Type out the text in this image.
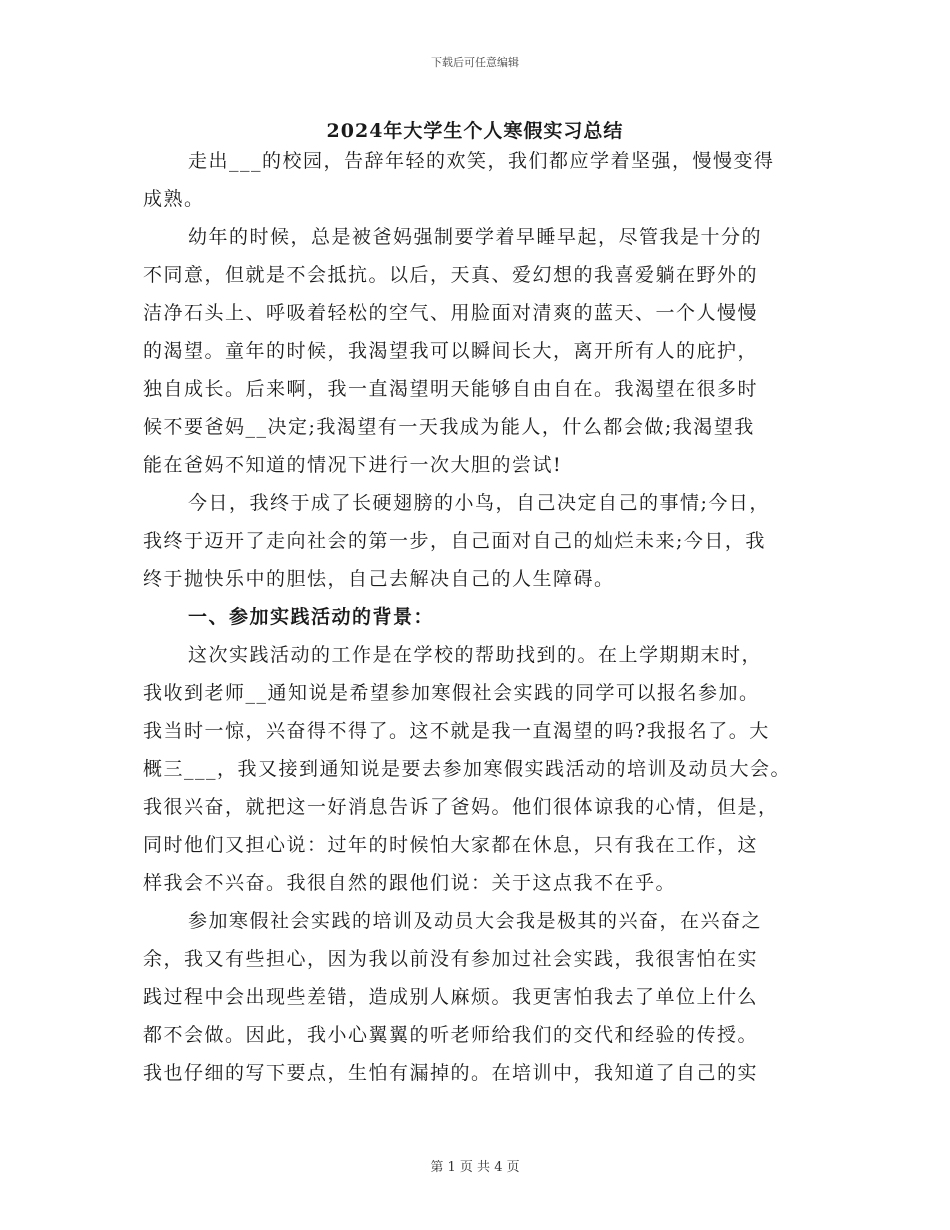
下载后可任意编辑
2024年大学生个人寒假实习总结
走出___的校园，告辞年轻的欢笑，我们都应学着坚强，慢慢变得
成熟。
幼年的时候，总是被爸妈强制要学着早睡早起，尽管我是十分的
不同意，但就是不会抵抗。以后，天真、爱幻想的我喜爱躺在野外的
洁净石头上、呼吸着轻松的空气、用脸面对清爽的蓝天、一个人慢慢
的渴望。童年的时候，我渴望我可以瞬间长大，离开所有人的庇护，
独自成长。后来啊，我一直渴望明天能够自由自在。我渴望在很多时
候不要爸妈__决定;我渴望有一天我成为能人，什么都会做;我渴望我
能在爸妈不知道的情况下进行一次大胆的尝试!
今日，我终于成了长硬翅膀的小鸟，自己决定自己的事情;今日，
我终于迈开了走向社会的第一步，自己面对自己的灿烂未来;今日，我
终于抛快乐中的胆怯，自己去解决自己的人生障碍。
一、参加实践活动的背景：
这次实践活动的工作是在学校的帮助找到的。在上学期期末时，
我收到老师__通知说是希望参加寒假社会实践的同学可以报名参加。
我当时一惊，兴奋得不得了。这不就是我一直渴望的吗?我报名了。大
概三___，我又接到通知说是要去参加寒假实践活动的培训及动员大会。
我很兴奋，就把这一好消息告诉了爸妈。他们很体谅我的心情，但是，
同时他们又担心说：过年的时候怕大家都在休息，只有我在工作，这
样我会不兴奋。我很自然的跟他们说：关于这点我不在乎。
参加寒假社会实践的培训及动员大会我是极其的兴奋，在兴奋之
余，我又有些担心，因为我以前没有参加过社会实践，我很害怕在实
践过程中会出现些差错，造成别人麻烦。我更害怕我去了单位上什么
都不会做。因此，我小心翼翼的听老师给我们的交代和经验的传授。
我也仔细的写下要点，生怕有漏掉的。在培训中，我知道了自己的实
第 1 页 共 4 页
